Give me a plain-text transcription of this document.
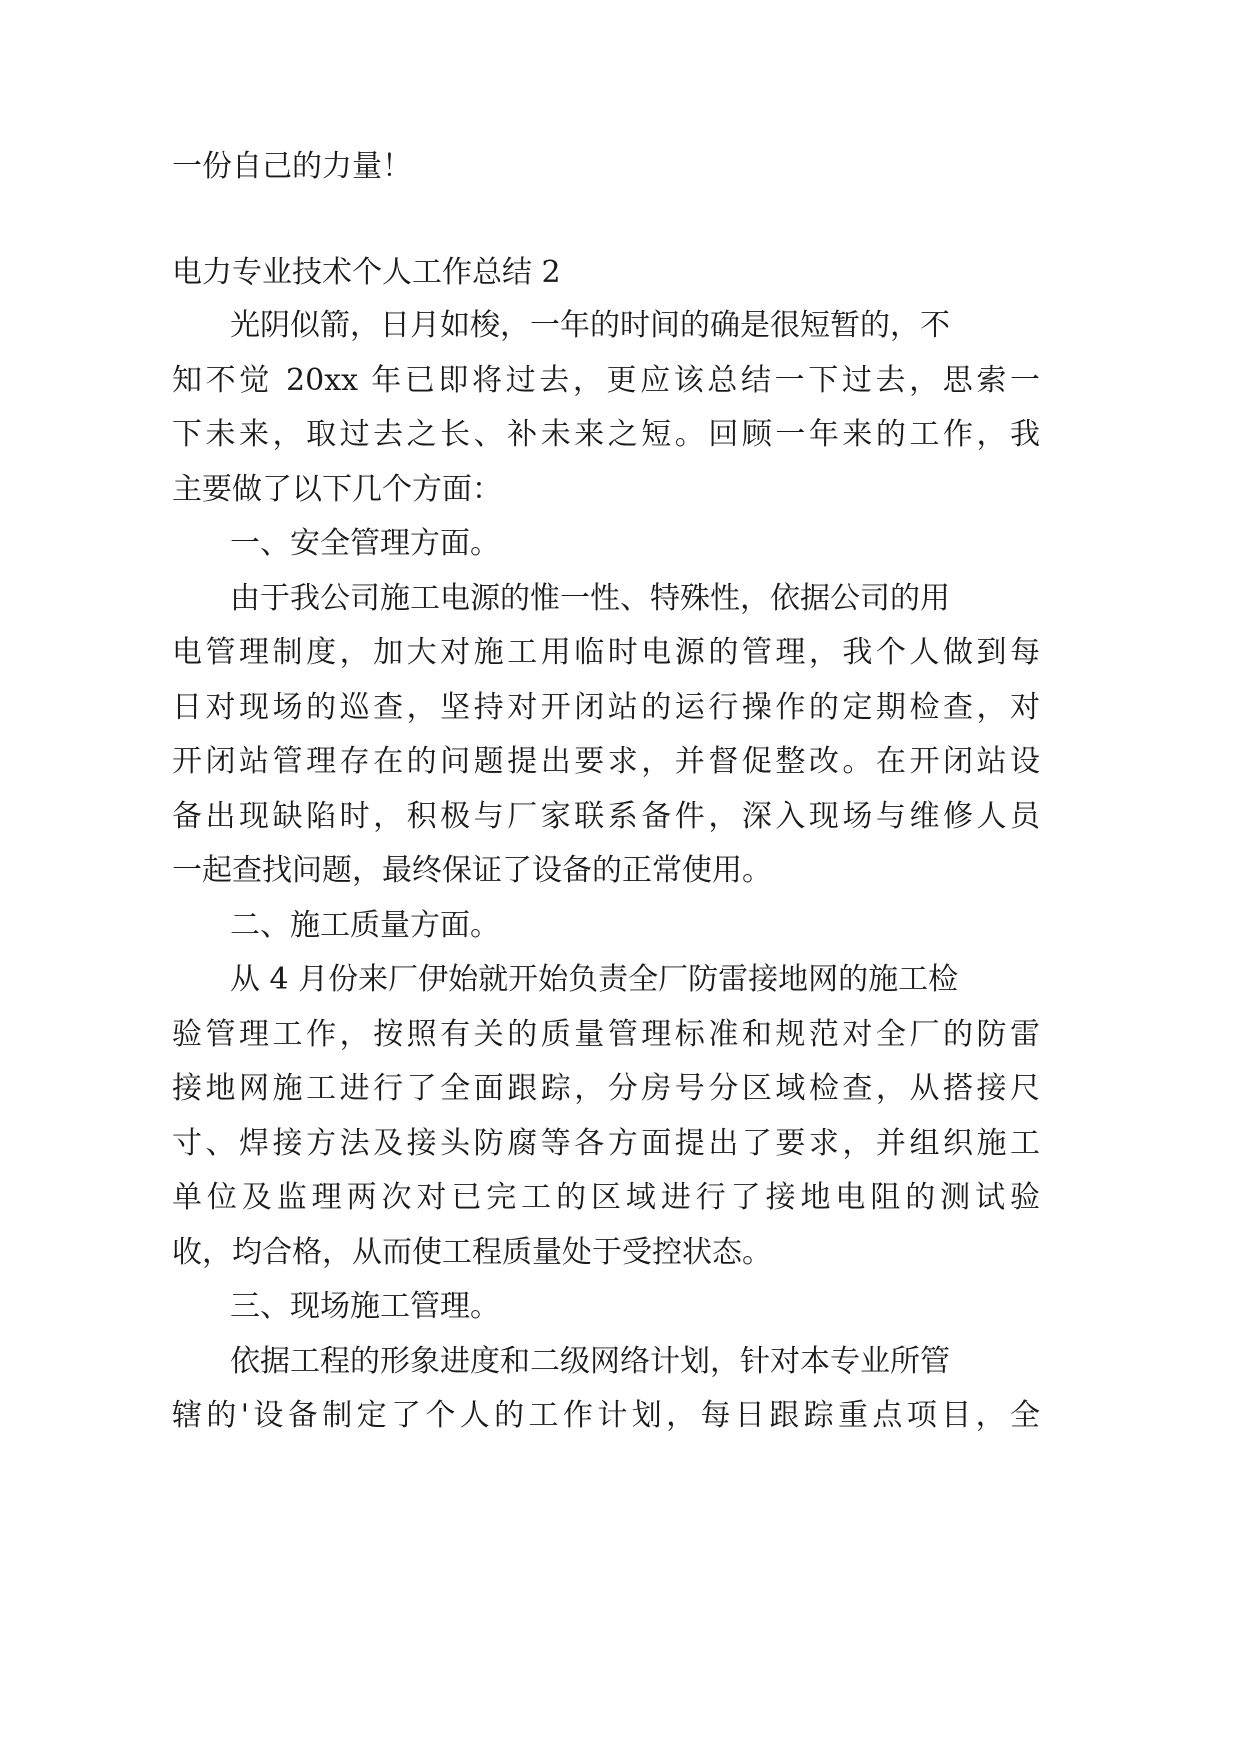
一份自己的力量！
电力专业技术个人工作总结 2
光阴似箭，日月如梭，一年的时间的确是很短暂的，不
知不觉 20xx 年已即将过去，更应该总结一下过去，思索一
下未来，取过去之长、补未来之短。回顾一年来的工作，我
主要做了以下几个方面：
一、安全管理方面。
由于我公司施工电源的惟一性、特殊性，依据公司的用
电管理制度，加大对施工用临时电源的管理，我个人做到每
日对现场的巡查，坚持对开闭站的运行操作的定期检查，对
开闭站管理存在的问题提出要求，并督促整改。在开闭站设
备出现缺陷时，积极与厂家联系备件，深入现场与维修人员
一起查找问题，最终保证了设备的正常使用。
二、施工质量方面。
从 4 月份来厂伊始就开始负责全厂防雷接地网的施工检
验管理工作，按照有关的质量管理标准和规范对全厂的防雷
接地网施工进行了全面跟踪，分房号分区域检查，从搭接尺
寸、焊接方法及接头防腐等各方面提出了要求，并组织施工
单位及监理两次对已完工的区域进行了接地电阻的测试验
收，均合格，从而使工程质量处于受控状态。
三、现场施工管理。
依据工程的形象进度和二级网络计划，针对本专业所管
辖的'设备制定了个人的工作计划，每日跟踪重点项目，全
